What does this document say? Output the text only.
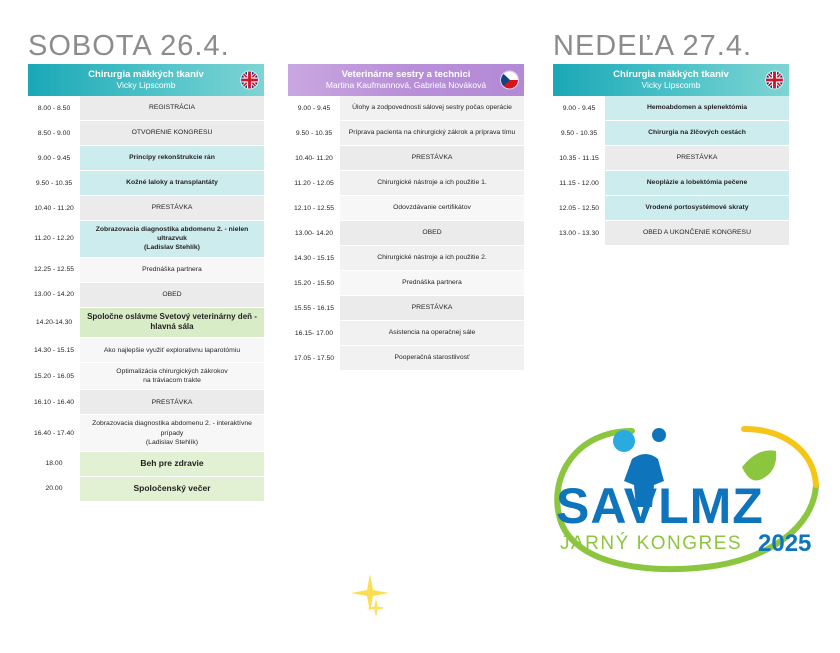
SOBOTA 26.4.	NEDEĽA 27.4.
Chirurgia mäkkých tkanív
Vicky Lipscomb
8.00 - 8.50	REGISTRÁCIA
8.50 - 9.00	OTVORENIE KONGRESU
9.00 - 9.45	Princípy rekonštrukcie rán
9.50 - 10.35	Kožné laloky a transplantáty
10.40 - 11.20	PRESTÁVKA
11.20 - 12.20
Zobrazovacia diagnostika abdomenu 2. - nielen ultrazvuk
(Ladislav Stehlík)
12.25 - 12.55	Prednáška partnera
13.00 - 14.20	OBED
14.20-14.30
Spoločne oslávme Svetový veterinárny deň - hlavná sála
14.30 - 15.15	Ako najlepšie využiť explorativnu laparotómiu
15.20 - 16.05
Optimalizácia chirurgických zákrokov
na tráviacom trakte
16.10 - 16.40	PRESTÁVKA
16.40 - 17.40
Zobrazovacia diagnostika abdomenu 2. - interaktívne prípady
(Ladislav Stehlík)
18.00	Beh pre zdravie
20.00	Spoločenský večer
Veterinárne sestry a technici
Martina Kaufmannová, Gabriela Nováková
9.00 - 9.45	Úlohy a zodpovednosti sálovej sestry počas operácie
9.50 - 10.35	Príprava pacienta na chirurgický zákrok a príprava tímu
10.40- 11.20	PRESTÁVKA
11.20 - 12.05	Chirurgické nástroje a ich použitie 1.
12.10 - 12.55	Odovzdávanie certifikátov
13.00- 14.20	OBED
14.30 - 15.15	Chirurgické nástroje a ich použitie 2.
15.20 - 15.50	Prednáška partnera
15.55 - 16.15	PRESTÁVKA
16.15- 17.00	Asistencia na operačnej sále
17.05 - 17.50	Pooperačná starostlivosť
Chirurgia mäkkých tkanív
Vicky Lipscomb
9.00 - 9.45	Hemoabdomen a splenektómia
9.50 - 10.35	Chirurgia na žlčových cestách
10.35 - 11.15	PRESTÁVKA
11.15 - 12.00	Neoplázie a lobektómia pečene
12.05 - 12.50	Vrodené portosystémové skraty
13.00 - 13.30	OBED A UKONČENIE KONGRESU
SAVLMZ
JARNÝ KONGRES 2025
